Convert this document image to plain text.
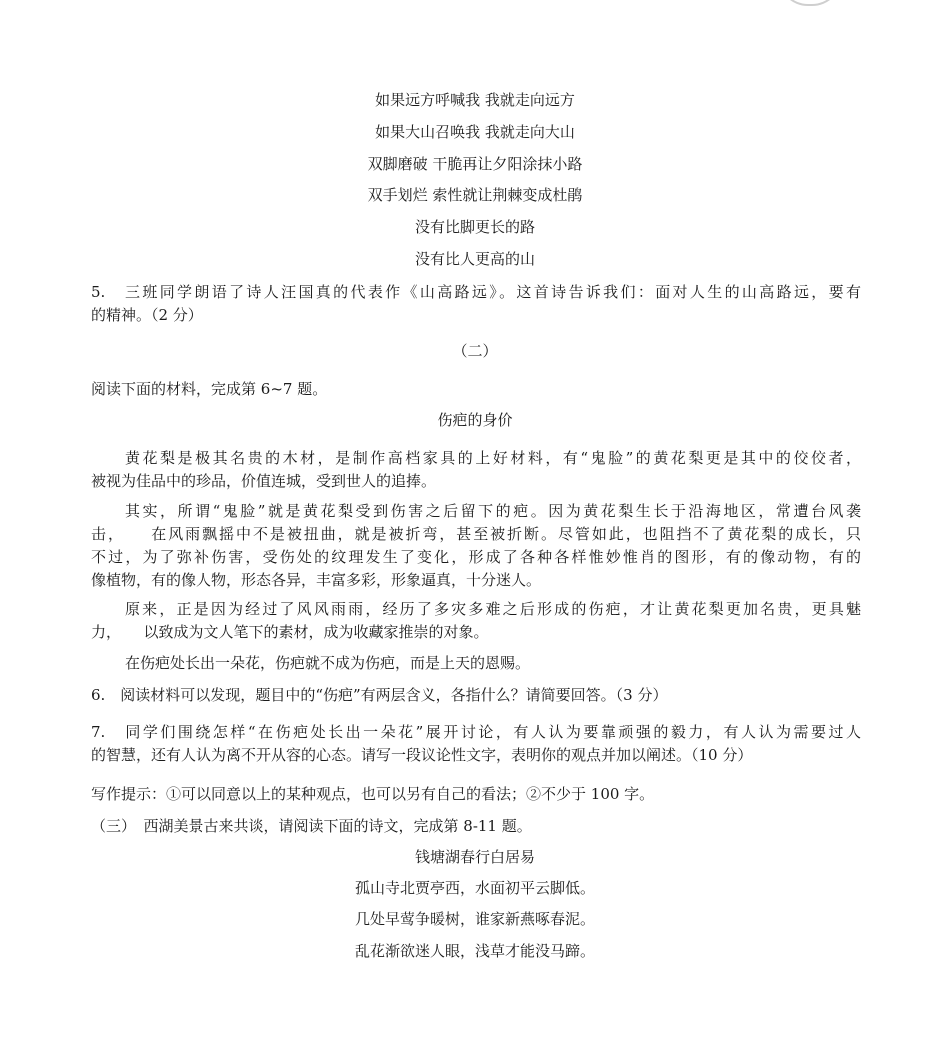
如果远方呼喊我 我就走向远方
如果大山召唤我 我就走向大山
双脚磨破 干脆再让夕阳涂抹小路
双手划烂 索性就让荆棘变成杜鹃
没有比脚更长的路
没有比人更高的山
5.　三班同学朗语了诗人汪国真的代表作《山高路远》。这首诗告诉我们：面对人生的山高路远，要有
的精神。（2 分）
（二）
阅读下面的材料，完成第 6~7 题。
伤疤的身价
黄花梨是极其名贵的木材，是制作高档家具的上好材料，有“鬼脸”的黄花梨更是其中的佼佼者，
被视为佳品中的珍品，价值连城，受到世人的追捧。
其实，所谓“鬼脸”就是黄花梨受到伤害之后留下的疤。因为黄花梨生长于沿海地区，常遭台风袭
击，　　在风雨飘摇中不是被扭曲，就是被折弯，甚至被折断。尽管如此，也阻挡不了黄花梨的成长，只
不过，为了弥补伤害，受伤处的纹理发生了变化，形成了各种各样惟妙惟肖的图形，有的像动物，有的
像植物，有的像人物，形态各异，丰富多彩，形象逼真，十分迷人。
原来，正是因为经过了风风雨雨，经历了多灾多难之后形成的伤疤，才让黄花梨更加名贵，更具魅
力，　　以致成为文人笔下的素材，成为收藏家推崇的对象。
在伤疤处长出一朵花，伤疤就不成为伤疤，而是上天的恩赐。
6.　阅读材料可以发现，题目中的“伤疤”有两层含义，各指什么？请简要回答。（3 分）
7.　同学们围绕怎样“在伤疤处长出一朵花”展开讨论，有人认为要靠顽强的毅力，有人认为需要过人
的智慧，还有人认为离不开从容的心态。请写一段议论性文字，表明你的观点并加以阐述。（10 分）
写作提示：①可以同意以上的某种观点，也可以另有自己的看法；②不少于 100 字。
（三）　西湖美景古来共谈，请阅读下面的诗文，完成第 8-11 题。
钱塘湖春行白居易
孤山寺北贾亭西，水面初平云脚低。
几处早莺争暖树，谁家新燕啄春泥。
乱花渐欲迷人眼，浅草才能没马蹄。
